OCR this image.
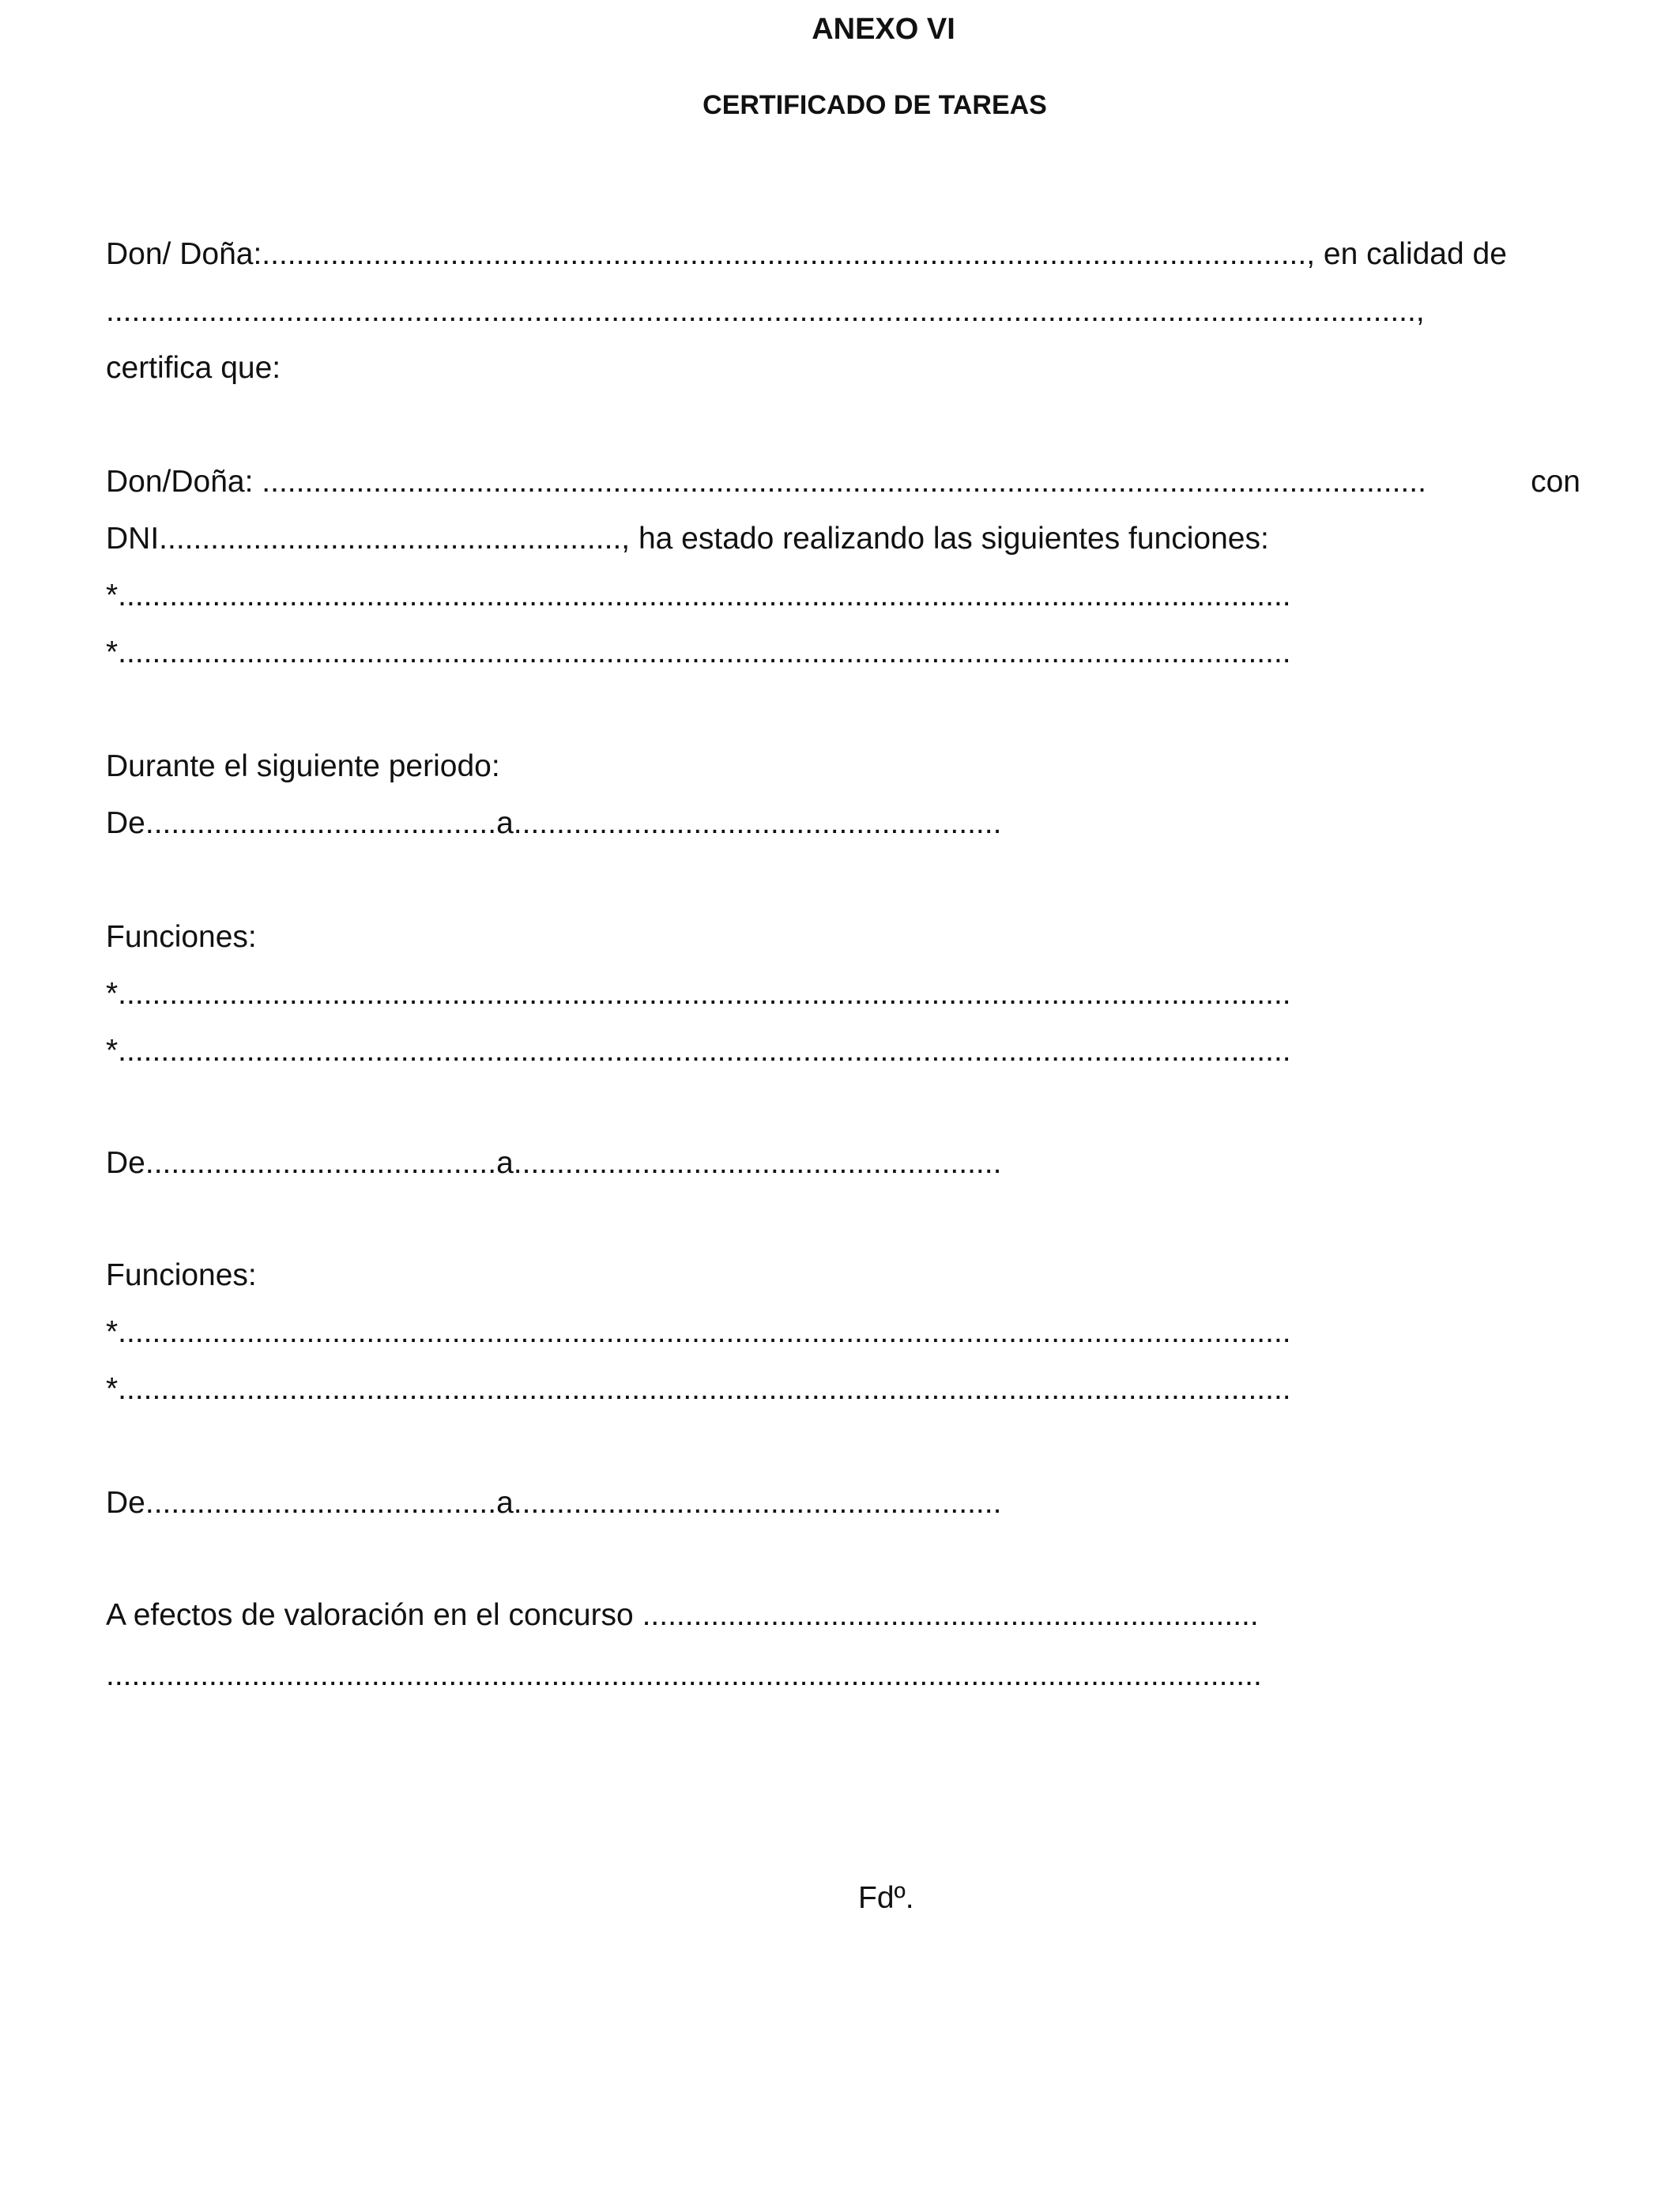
ANEXO VI
CERTIFICADO DE TAREAS
Don/ Doña:.........................................................................................................................., en calidad de
.........................................................................................................................................................,
certifica que:
Don/Doña: ........................................................................................................................................	con
DNI......................................................, ha estado realizando las siguientes funciones:
*.........................................................................................................................................
*.........................................................................................................................................
Durante el siguiente periodo:
De.........................................a.........................................................
Funciones:
*.........................................................................................................................................
*.........................................................................................................................................
De.........................................a.........................................................
Funciones:
*.........................................................................................................................................
*.........................................................................................................................................
De.........................................a.........................................................
A efectos de valoración en el concurso ........................................................................
.......................................................................................................................................
Fdº.
